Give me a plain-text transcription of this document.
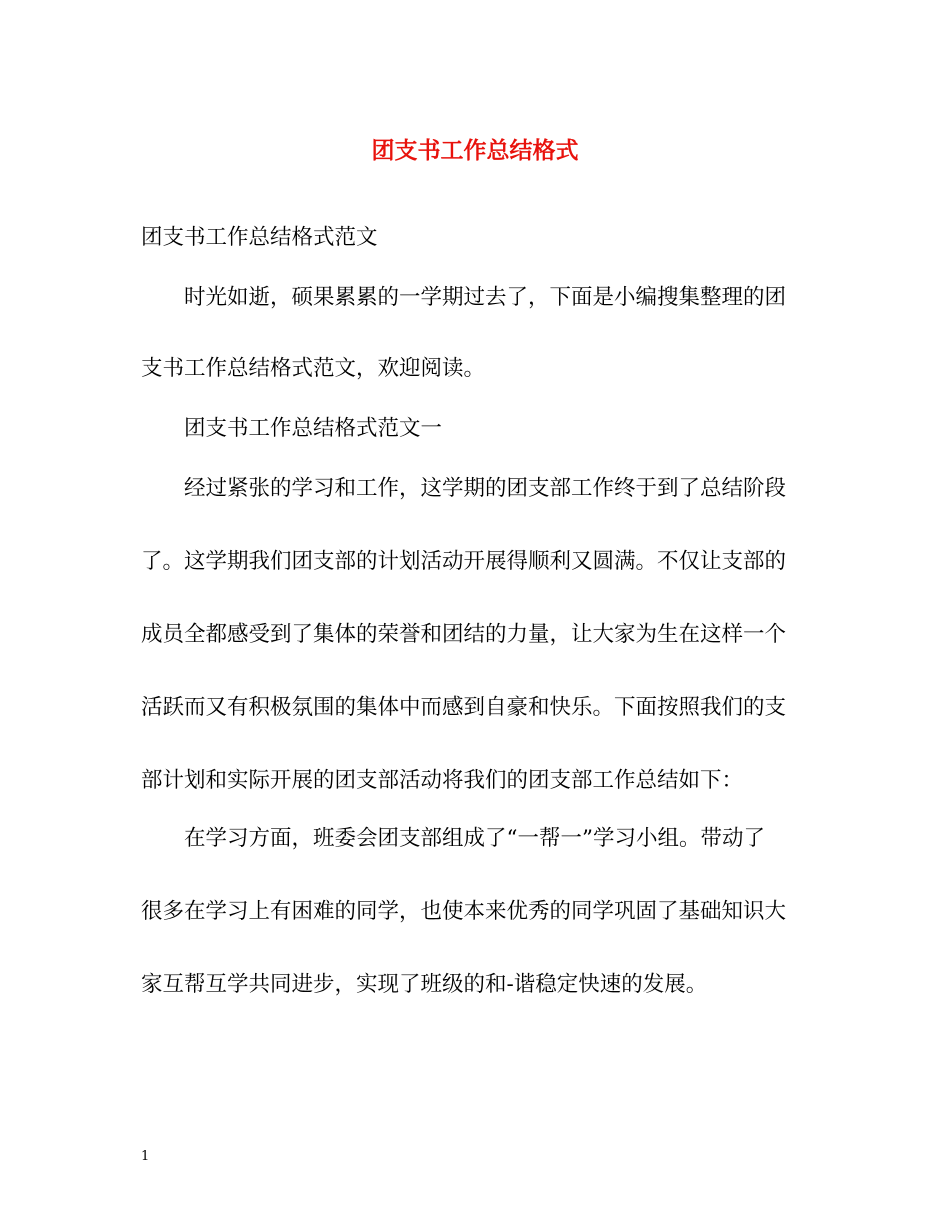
团支书工作总结格式

团支书工作总结格式范文

时光如逝，硕果累累的一学期过去了，下面是小编搜集整理的团

支书工作总结格式范文，欢迎阅读。

团支书工作总结格式范文一

经过紧张的学习和工作，这学期的团支部工作终于到了总结阶段

了。这学期我们团支部的计划活动开展得顺利又圆满。不仅让支部的

成员全都感受到了集体的荣誉和团结的力量，让大家为生在这样一个

活跃而又有积极氛围的集体中而感到自豪和快乐。下面按照我们的支

部计划和实际开展的团支部活动将我们的团支部工作总结如下：

在学习方面，班委会团支部组成了“一帮一”学习小组。带动了

很多在学习上有困难的同学，也使本来优秀的同学巩固了基础知识大

家互帮互学共同进步，实现了班级的和-谐稳定快速的发展。

1
